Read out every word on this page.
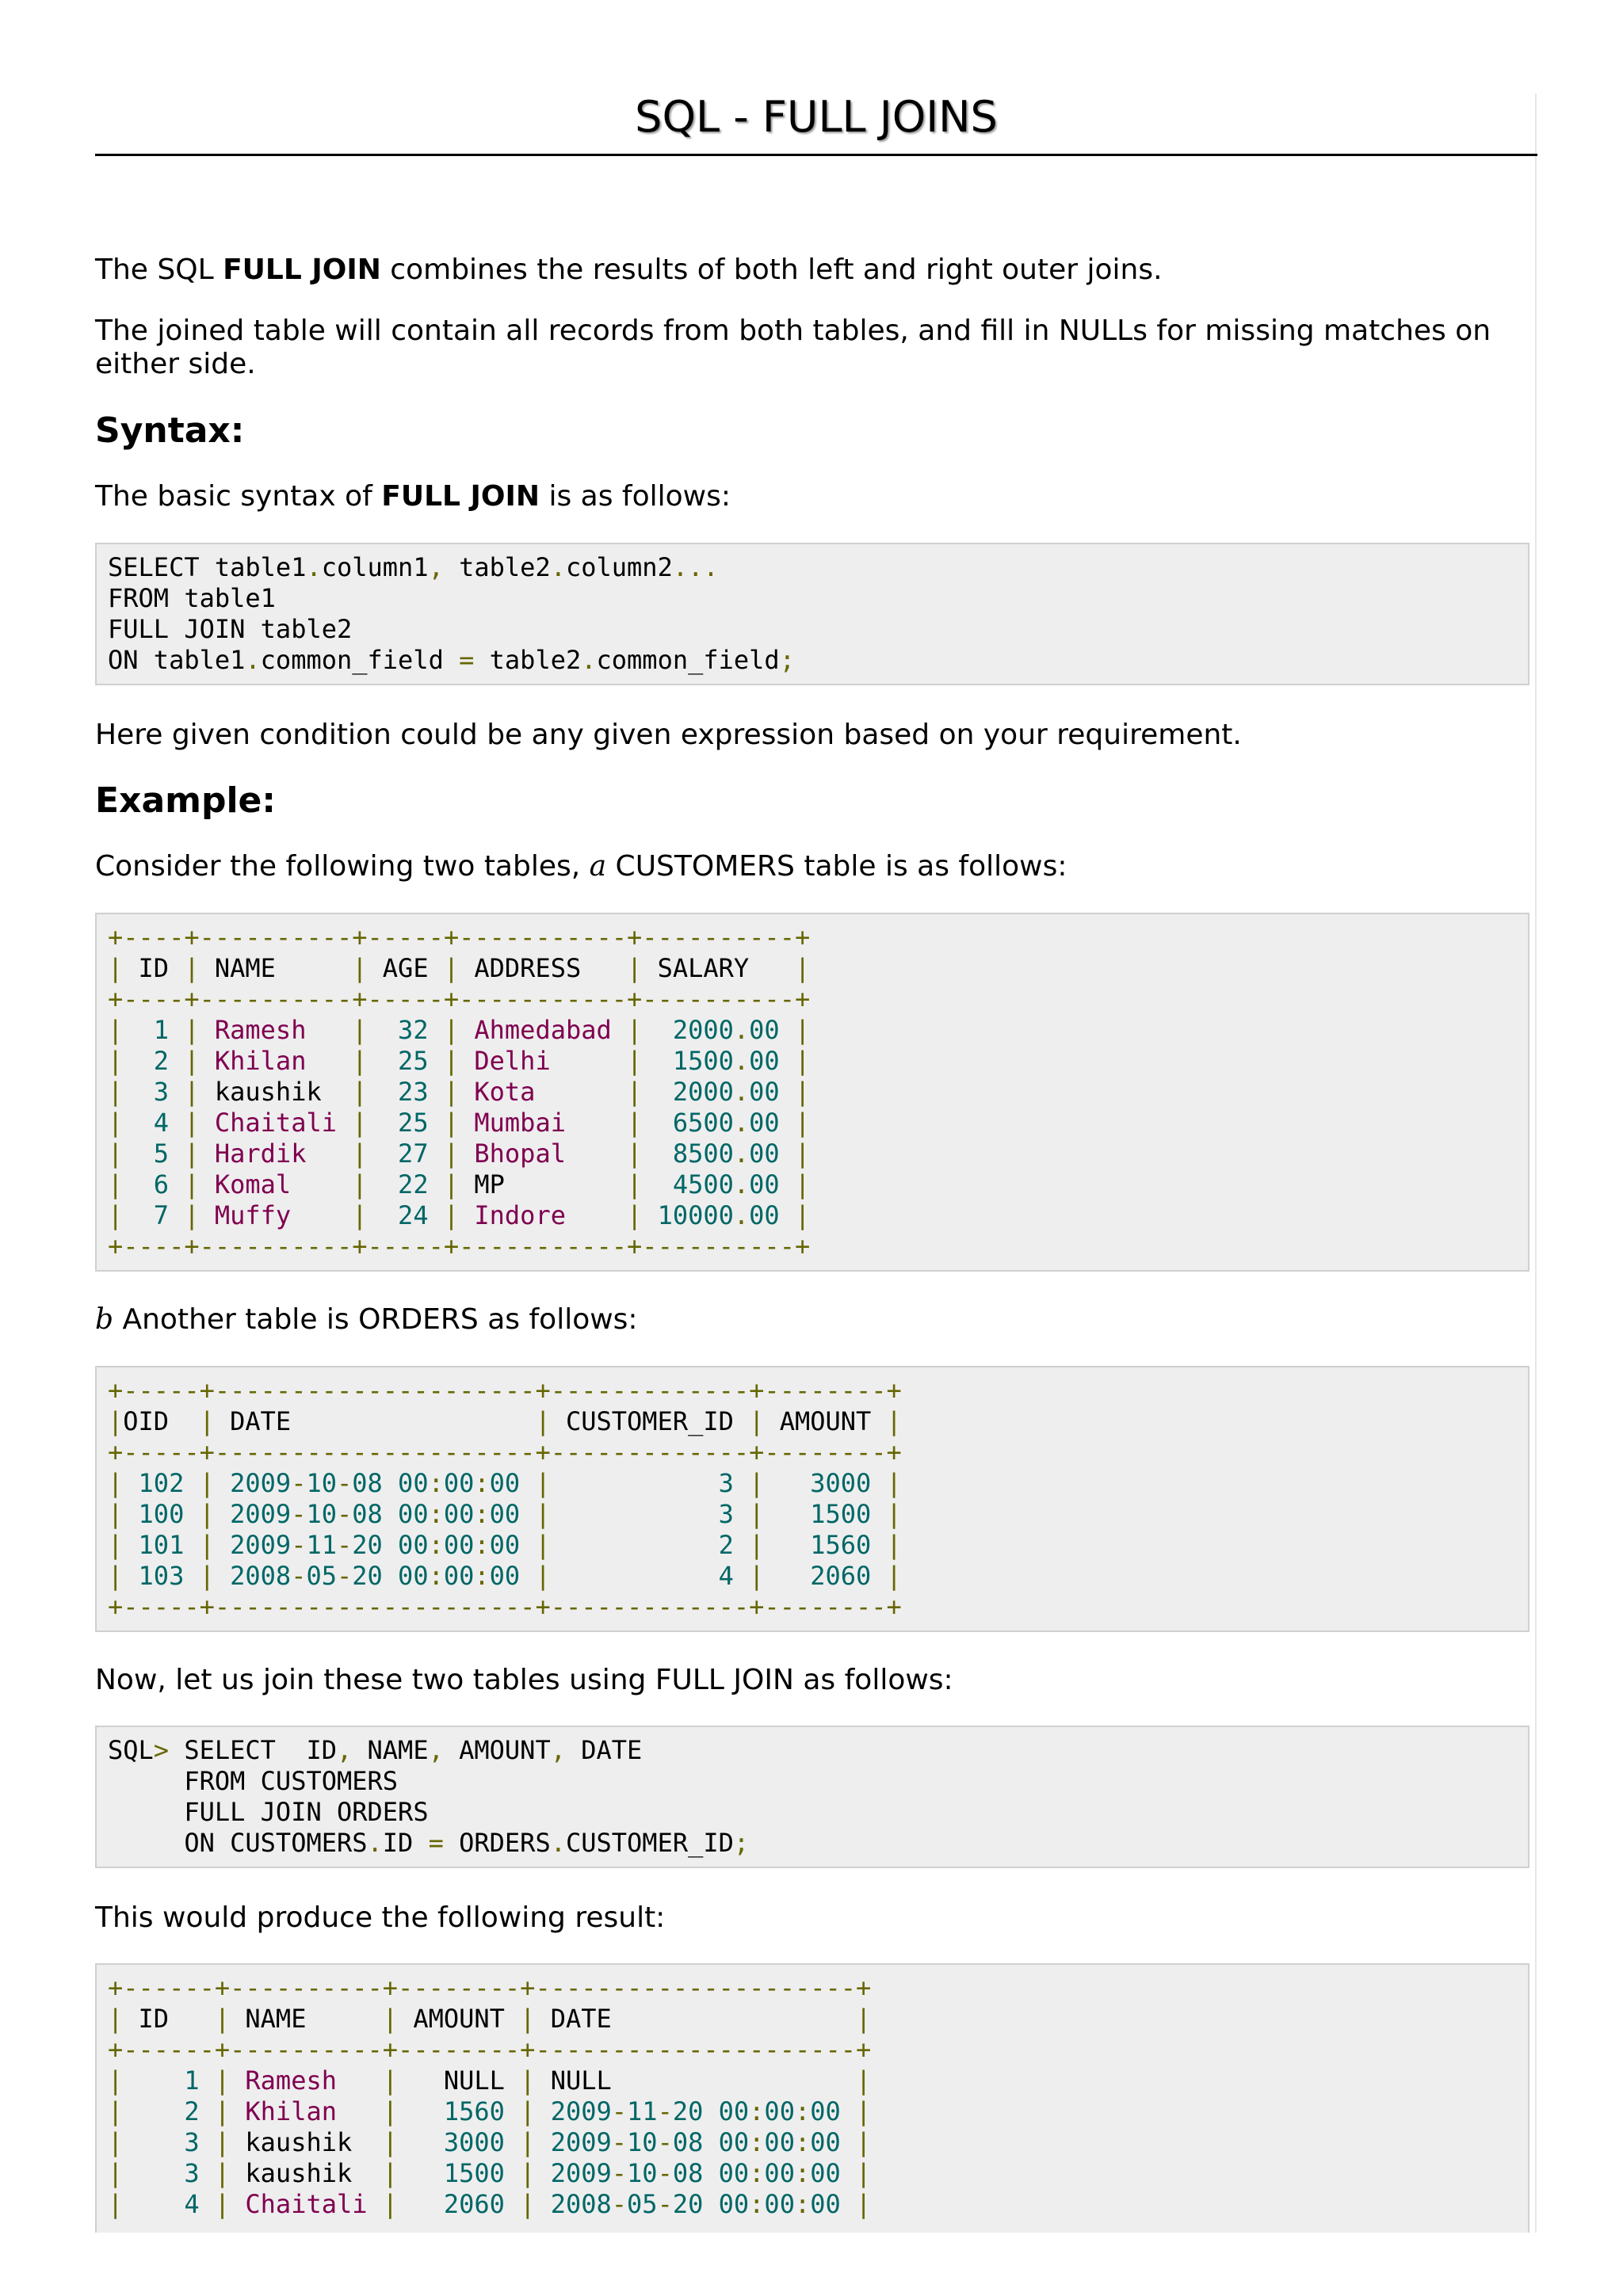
SQL - FULL JOINS

The SQL FULL JOIN combines the results of both left and right outer joins.

The joined table will contain all records from both tables, and fill in NULLs for missing matches on either side.

Syntax:

The basic syntax of FULL JOIN is as follows:

SELECT table1.column1, table2.column2...
FROM table1
FULL JOIN table2
ON table1.common_field = table2.common_field;

Here given condition could be any given expression based on your requirement.

Example:

Consider the following two tables, a CUSTOMERS table is as follows:

+----+----------+-----+-----------+----------+
| ID | NAME     | AGE | ADDRESS   | SALARY   |
+----+----------+-----+-----------+----------+
| 1 | Ramesh | 32 | Ahmedabad | 2000.00 |
| 2 | Khilan | 25 | Delhi	| 1500.00 |
| 3 | kaushik  | 23 | Kota	| 2000.00 |
| 4 | Chaitali | 25 | Mumbai | 6500.00 |
| 5 | Hardik | 27 | Bhopal | 8500.00 |
| 6 | Komal | 22 | MP        | 4500.00 |
| 7 | Muffy | 24 | Indore | 10000.00 |
+----+----------+-----+-----------+----------+

b Another table is ORDERS as follows:

+-----+---------------------+-------------+--------+
|OID  | DATE                | CUSTOMER_ID | AMOUNT |
+-----+---------------------+-------------+--------+
| 102 | 2009-10-08 00:00:00 |	3 | 3000 |
| 100 | 2009-10-08 00:00:00 |	3 | 1500 |
| 101 | 2009-11-20 00:00:00 |	2 | 1560 |
| 103 | 2008-05-20 00:00:00 |	4 | 2060 |
+-----+---------------------+-------------+--------+

Now, let us join these two tables using FULL JOIN as follows:

SQL> SELECT  ID, NAME, AMOUNT, DATE
FROM CUSTOMERS
FULL JOIN ORDERS
ON CUSTOMERS.ID = ORDERS.CUSTOMER_ID;

This would produce the following result:

+------+----------+--------+---------------------+
| ID   | NAME     | AMOUNT | DATE                |
+------+----------+--------+---------------------+
| 1 | Ramesh |   NULL | NULL                |
| 2 | Khilan | 1560 | 2009-11-20 00:00:00 |
| 3 | kaushik  | 3000 | 2009-10-08 00:00:00 |
| 3 | kaushik  | 1500 | 2009-10-08 00:00:00 |
| 4 | Chaitali | 2060 | 2008-05-20 00:00:00 |
